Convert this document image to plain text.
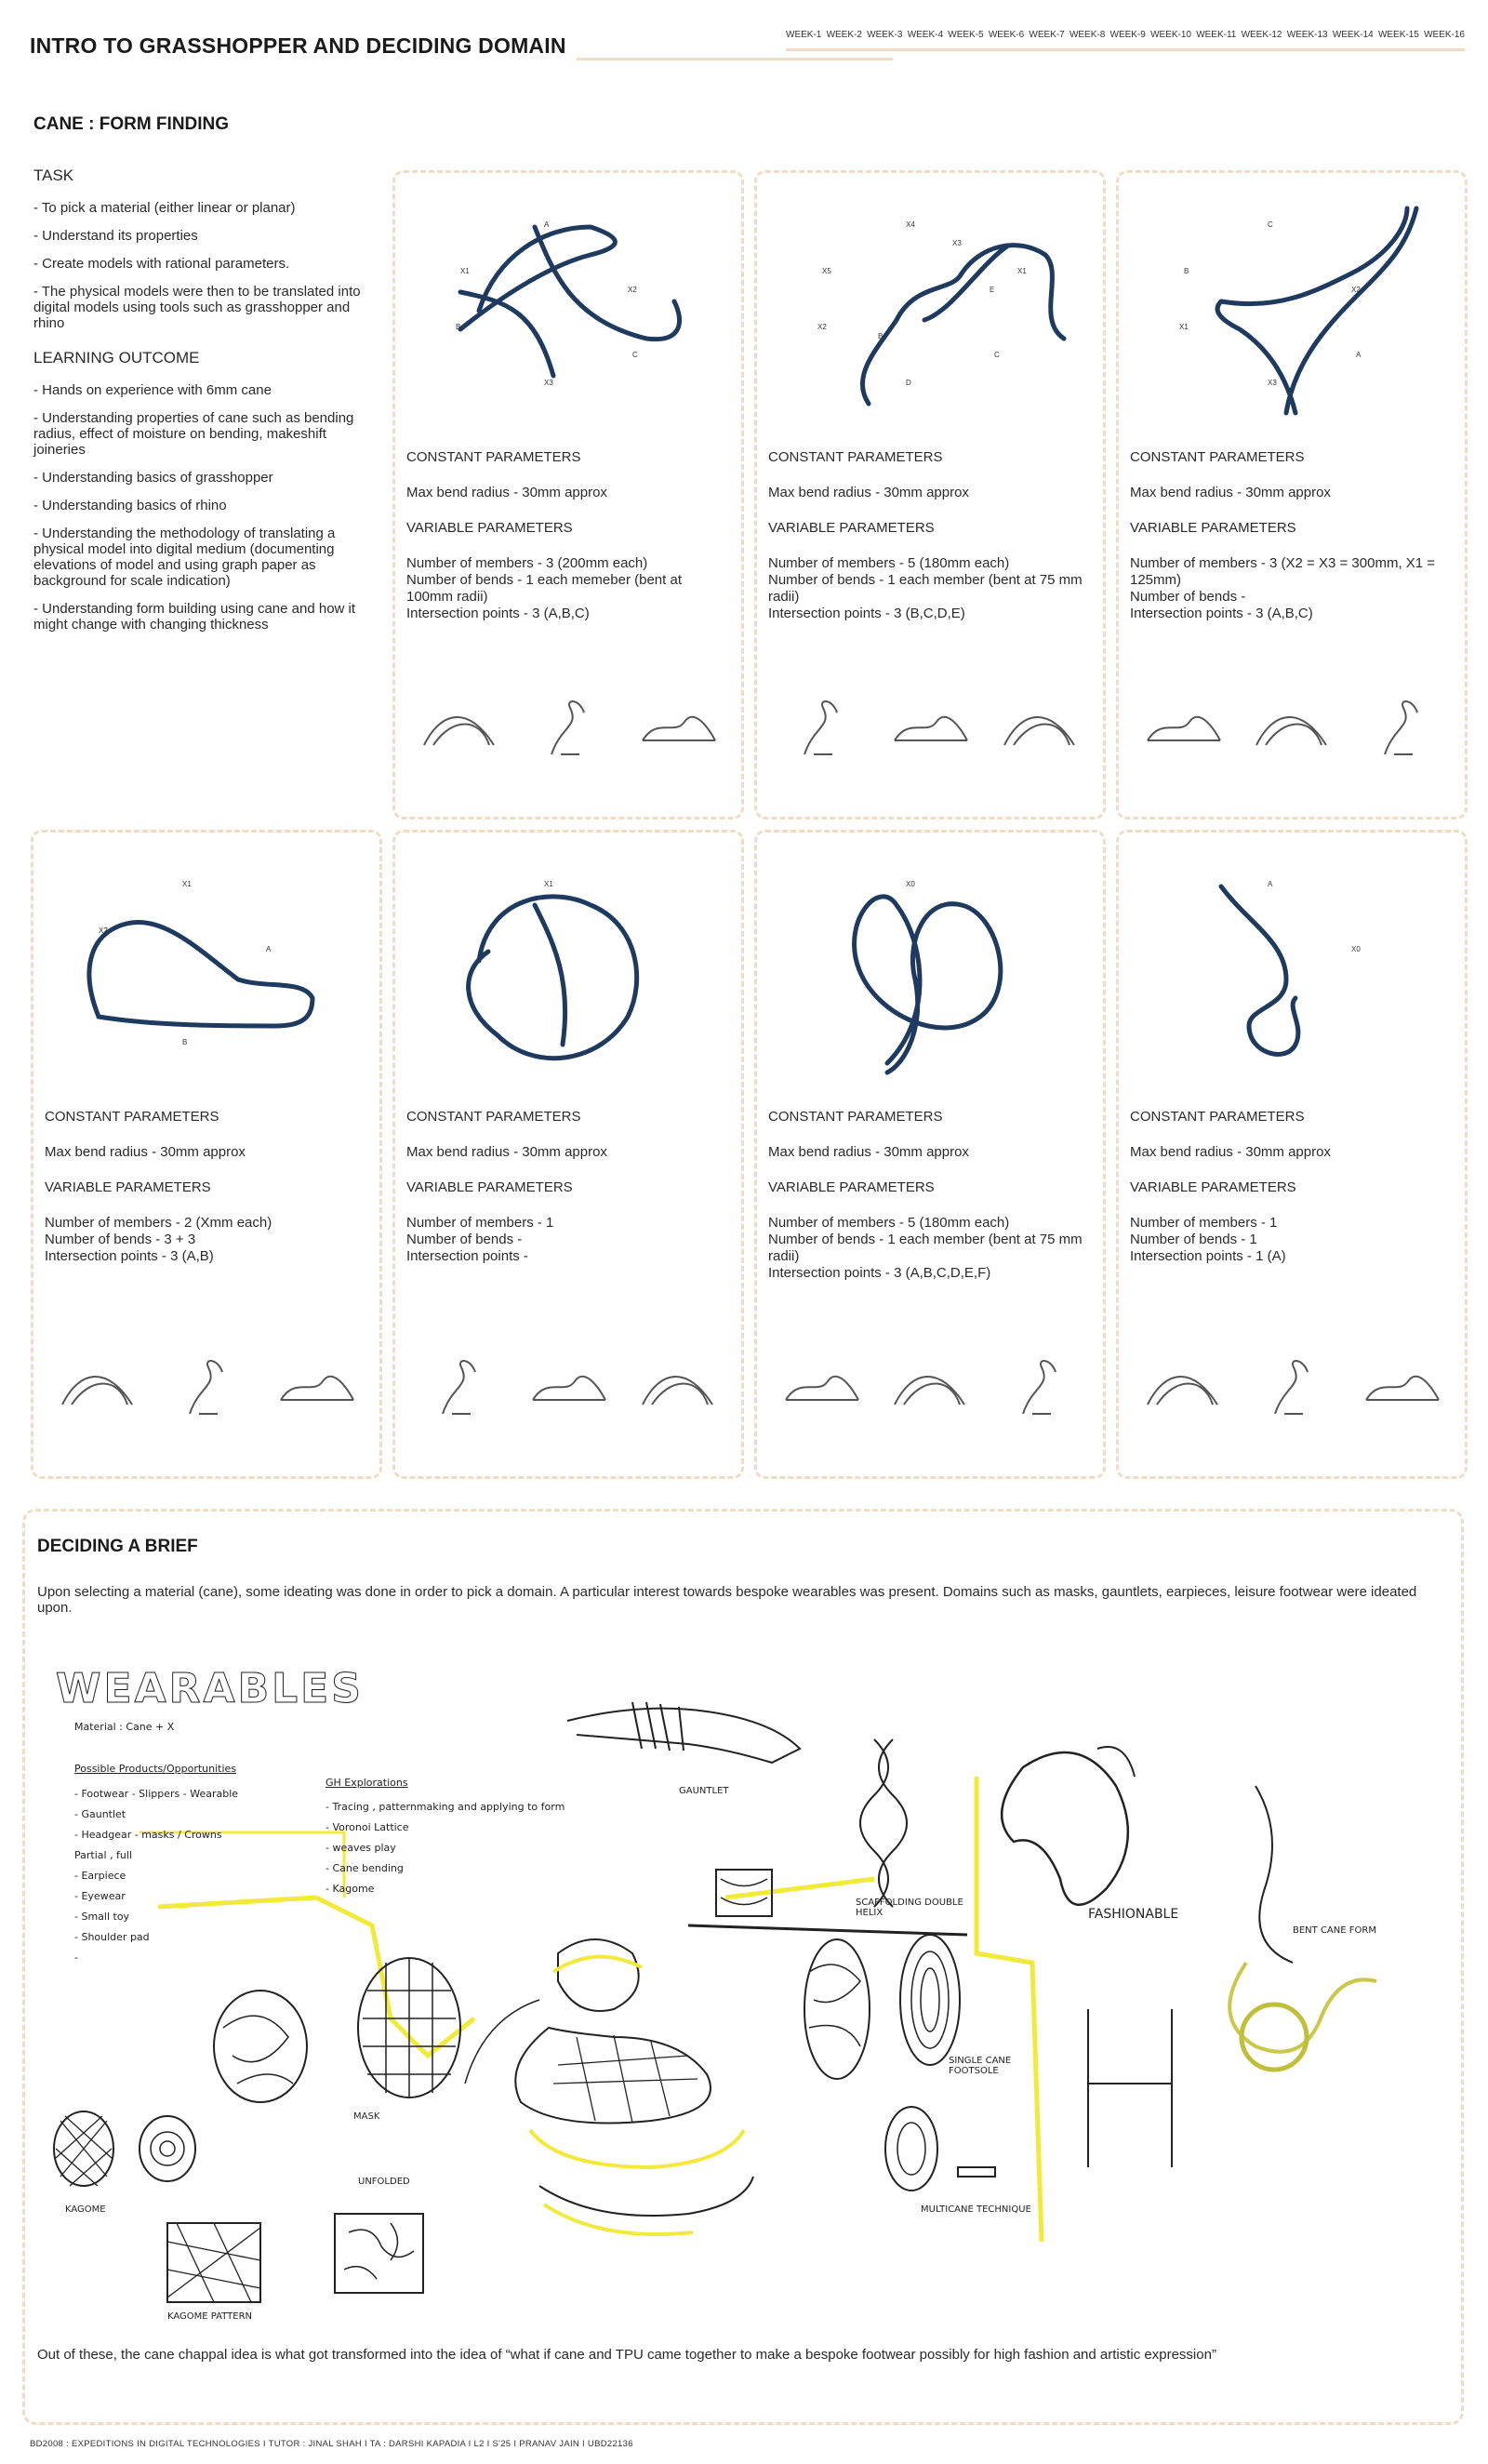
INTRO TO GRASSHOPPER AND DECIDING DOMAIN	WEEK-1 WEEK-2 WEEK-3 WEEK-4 WEEK-5 WEEK-6 WEEK-7 WEEK-8 WEEK-9 WEEK-10 WEEK-11 WEEK-12 WEEK-13 WEEK-14 WEEK-15 WEEK-16
CANE : FORM FINDING
TASK

- To pick a material (either linear or planar)

- Understand its properties

- Create models with rational parameters.

- The physical models were then to be translated into digital models using tools such as grasshopper and rhino

LEARNING OUTCOME

- Hands on experience with 6mm cane

- Understanding properties of cane such as bending radius, effect of moisture on bending, makeshift joineries

- Understanding basics of grasshopper

- Understanding basics of rhino

- Understanding the methodology of translating a physical model into digital medium (documenting elevations of model and using graph paper as background for scale indication)

- Understanding form building using cane and how it might change with changing thickness

A
X2
X3
X1
B
C

CONSTANT PARAMETERS

Max bend radius - 30mm approx

VARIABLE PARAMETERS

Number of members - 3 (200mm each)

Number of bends - 1 each memeber (bent at 100mm radii)

Intersection points - 3 (A,B,C)

X4
E
D
X5
X2
C
X3
B
X1

CONSTANT PARAMETERS

Max bend radius - 30mm approx

VARIABLE PARAMETERS

Number of members - 5 (180mm each)

Number of bends - 1 each member (bent at 75 mm radii)

Intersection points - 3 (B,C,D,E)

C
X2
X3
B
X1
A

CONSTANT PARAMETERS

Max bend radius - 30mm approx

VARIABLE PARAMETERS

Number of members - 3 (X2 = X3 = 300mm, X1 = 125mm)

Number of bends -

Intersection points - 3 (A,B,C)

X1
A
B
X2

CONSTANT PARAMETERS

Max bend radius - 30mm approx

VARIABLE PARAMETERS

Number of members - 2 (Xmm each)

Number of bends - 3 + 3

Intersection points - 3 (A,B)

X1

CONSTANT PARAMETERS

Max bend radius - 30mm approx

VARIABLE PARAMETERS

Number of members - 1

Number of bends -

Intersection points -

X0

CONSTANT PARAMETERS

Max bend radius - 30mm approx

VARIABLE PARAMETERS

Number of members - 5 (180mm each)

Number of bends - 1 each member (bent at 75 mm radii)

Intersection points - 3 (A,B,C,D,E,F)

A
X0

CONSTANT PARAMETERS

Max bend radius - 30mm approx

VARIABLE PARAMETERS

Number of members - 1

Number of bends - 1

Intersection points - 1 (A)

DECIDING A BRIEF
Upon selecting a material (cane), some ideating was done in order to pick a domain. A particular interest towards bespoke wearables was present. Domains such as masks, gauntlets, earpieces, leisure footwear were ideated upon.
WEARABLES
Material : Cane + X
Possible Products/Opportunities
- Footwear - Slippers - Wearable
- Gauntlet
- Headgear - masks / Crowns
Partial , full
- Earpiece
- Eyewear
- Small toy
- Shoulder pad
-
GH Explorations
- Tracing , patternmaking and applying to form
- Voronoi Lattice
- weaves play
- Cane bending
- Kagome
GAUNTLET
SCAFFOLDING DOUBLE HELIX	FASHIONABLE
BENT CANE FORM
MASK
KAGOME
UNFOLDED
SINGLE CANE FOOTSOLE
MULTICANE TECHNIQUE
KAGOME PATTERN
Out of these, the cane chappal idea is what got transformed into the idea of “what if cane and TPU came together to make a bespoke footwear possibly for high fashion and artistic expression”
BD2008 : EXPEDITIONS IN DIGITAL TECHNOLOGIES I TUTOR : JINAL SHAH I TA : DARSHI KAPADIA I L2 I S'25 I PRANAV JAIN I UBD22136
